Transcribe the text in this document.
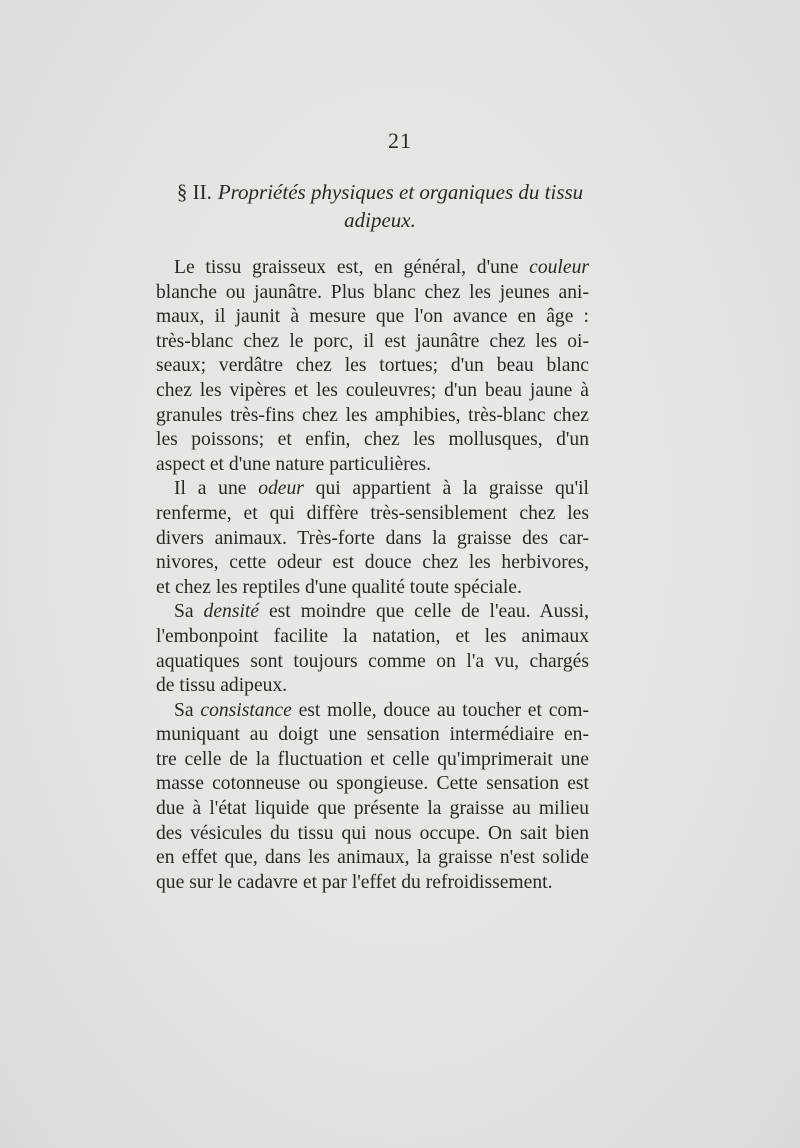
21
§ II. Propriétés physiques et organiques du tissu adipeux.

Le tissu graisseux est, en général, d'une couleur
blanche ou jaunâtre. Plus blanc chez les jeunes ani-
maux, il jaunit à mesure que l'on avance en âge :
très-blanc chez le porc, il est jaunâtre chez les oi-
seaux; verdâtre chez les tortues; d'un beau blanc
chez les vipères et les couleuvres; d'un beau jaune à
granules très-fins chez les amphibies, très-blanc chez
les poissons; et enfin, chez les mollusques, d'un
aspect et d'une nature particulières.

Il a une odeur qui appartient à la graisse qu'il
renferme, et qui diffère très-sensiblement chez les
divers animaux. Très-forte dans la graisse des car-
nivores, cette odeur est douce chez les herbivores,
et chez les reptiles d'une qualité toute spéciale.

Sa densité est moindre que celle de l'eau. Aussi,
l'embonpoint facilite la natation, et les animaux
aquatiques sont toujours comme on l'a vu, chargés
de tissu adipeux.

Sa consistance est molle, douce au toucher et com-
muniquant au doigt une sensation intermédiaire en-
tre celle de la fluctuation et celle qu'imprimerait une
masse cotonneuse ou spongieuse. Cette sensation est
due à l'état liquide que présente la graisse au milieu
des vésicules du tissu qui nous occupe. On sait bien
en effet que, dans les animaux, la graisse n'est solide
que sur le cadavre et par l'effet du refroidissement.
